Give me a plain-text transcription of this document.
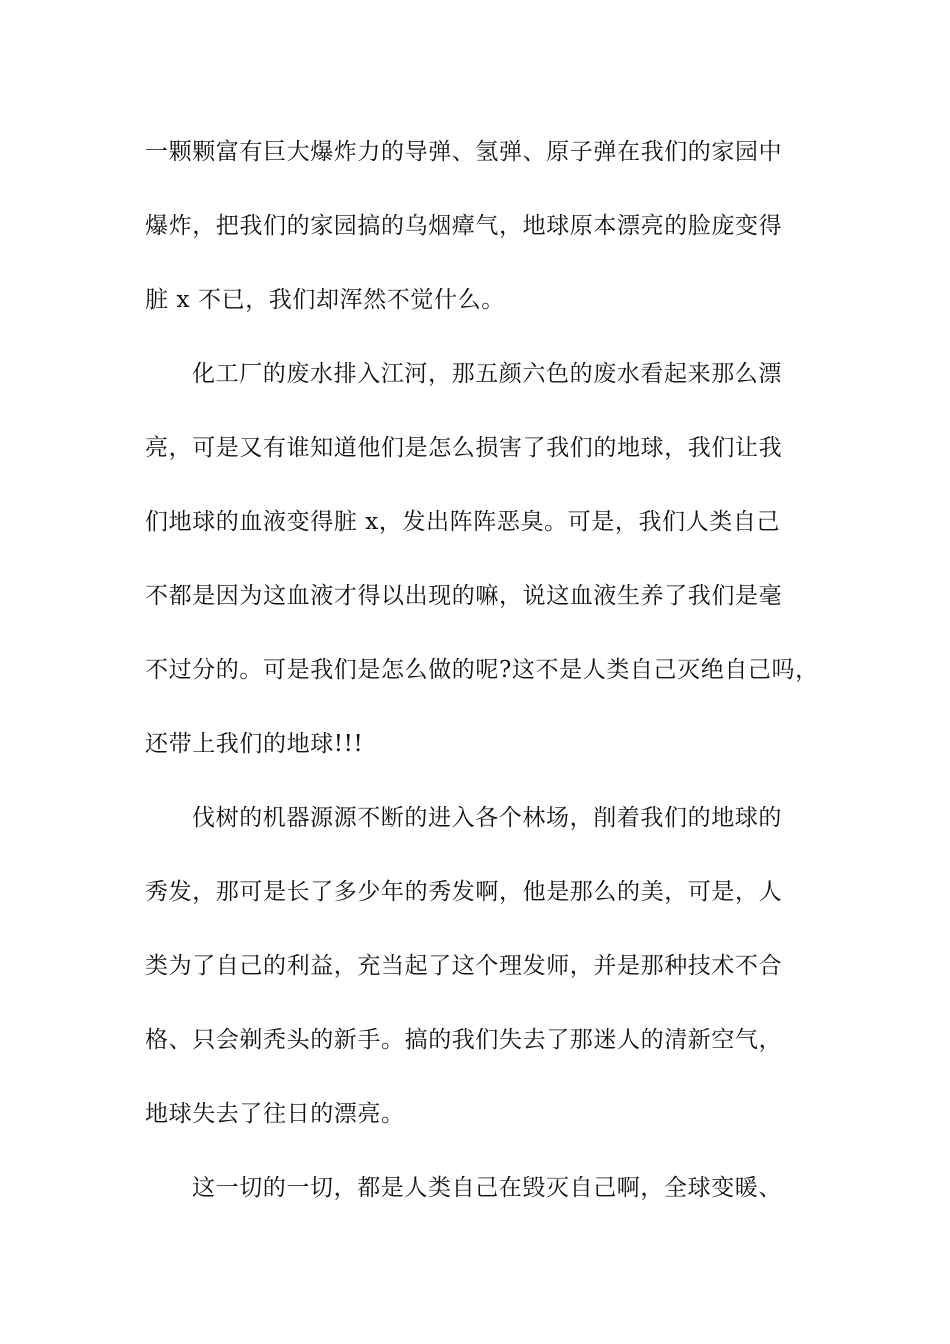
一颗颗富有巨大爆炸力的导弹、氢弹、原子弹在我们的家园中
爆炸，把我们的家园搞的乌烟瘴气，地球原本漂亮的脸庞变得
脏 x 不已，我们却浑然不觉什么。
化工厂的废水排入江河，那五颜六色的废水看起来那么漂
亮，可是又有谁知道他们是怎么损害了我们的地球，我们让我
们地球的血液变得脏 x，发出阵阵恶臭。可是，我们人类自己
不都是因为这血液才得以出现的嘛，说这血液生养了我们是毫
不过分的。可是我们是怎么做的呢?这不是人类自己灭绝自己吗，
还带上我们的地球!!!
伐树的机器源源不断的进入各个林场，削着我们的地球的
秀发，那可是长了多少年的秀发啊，他是那么的美，可是，人
类为了自己的利益，充当起了这个理发师，并是那种技术不合
格、只会剃秃头的新手。搞的我们失去了那迷人的清新空气，
地球失去了往日的漂亮。
这一切的一切，都是人类自己在毁灭自己啊，全球变暖、
